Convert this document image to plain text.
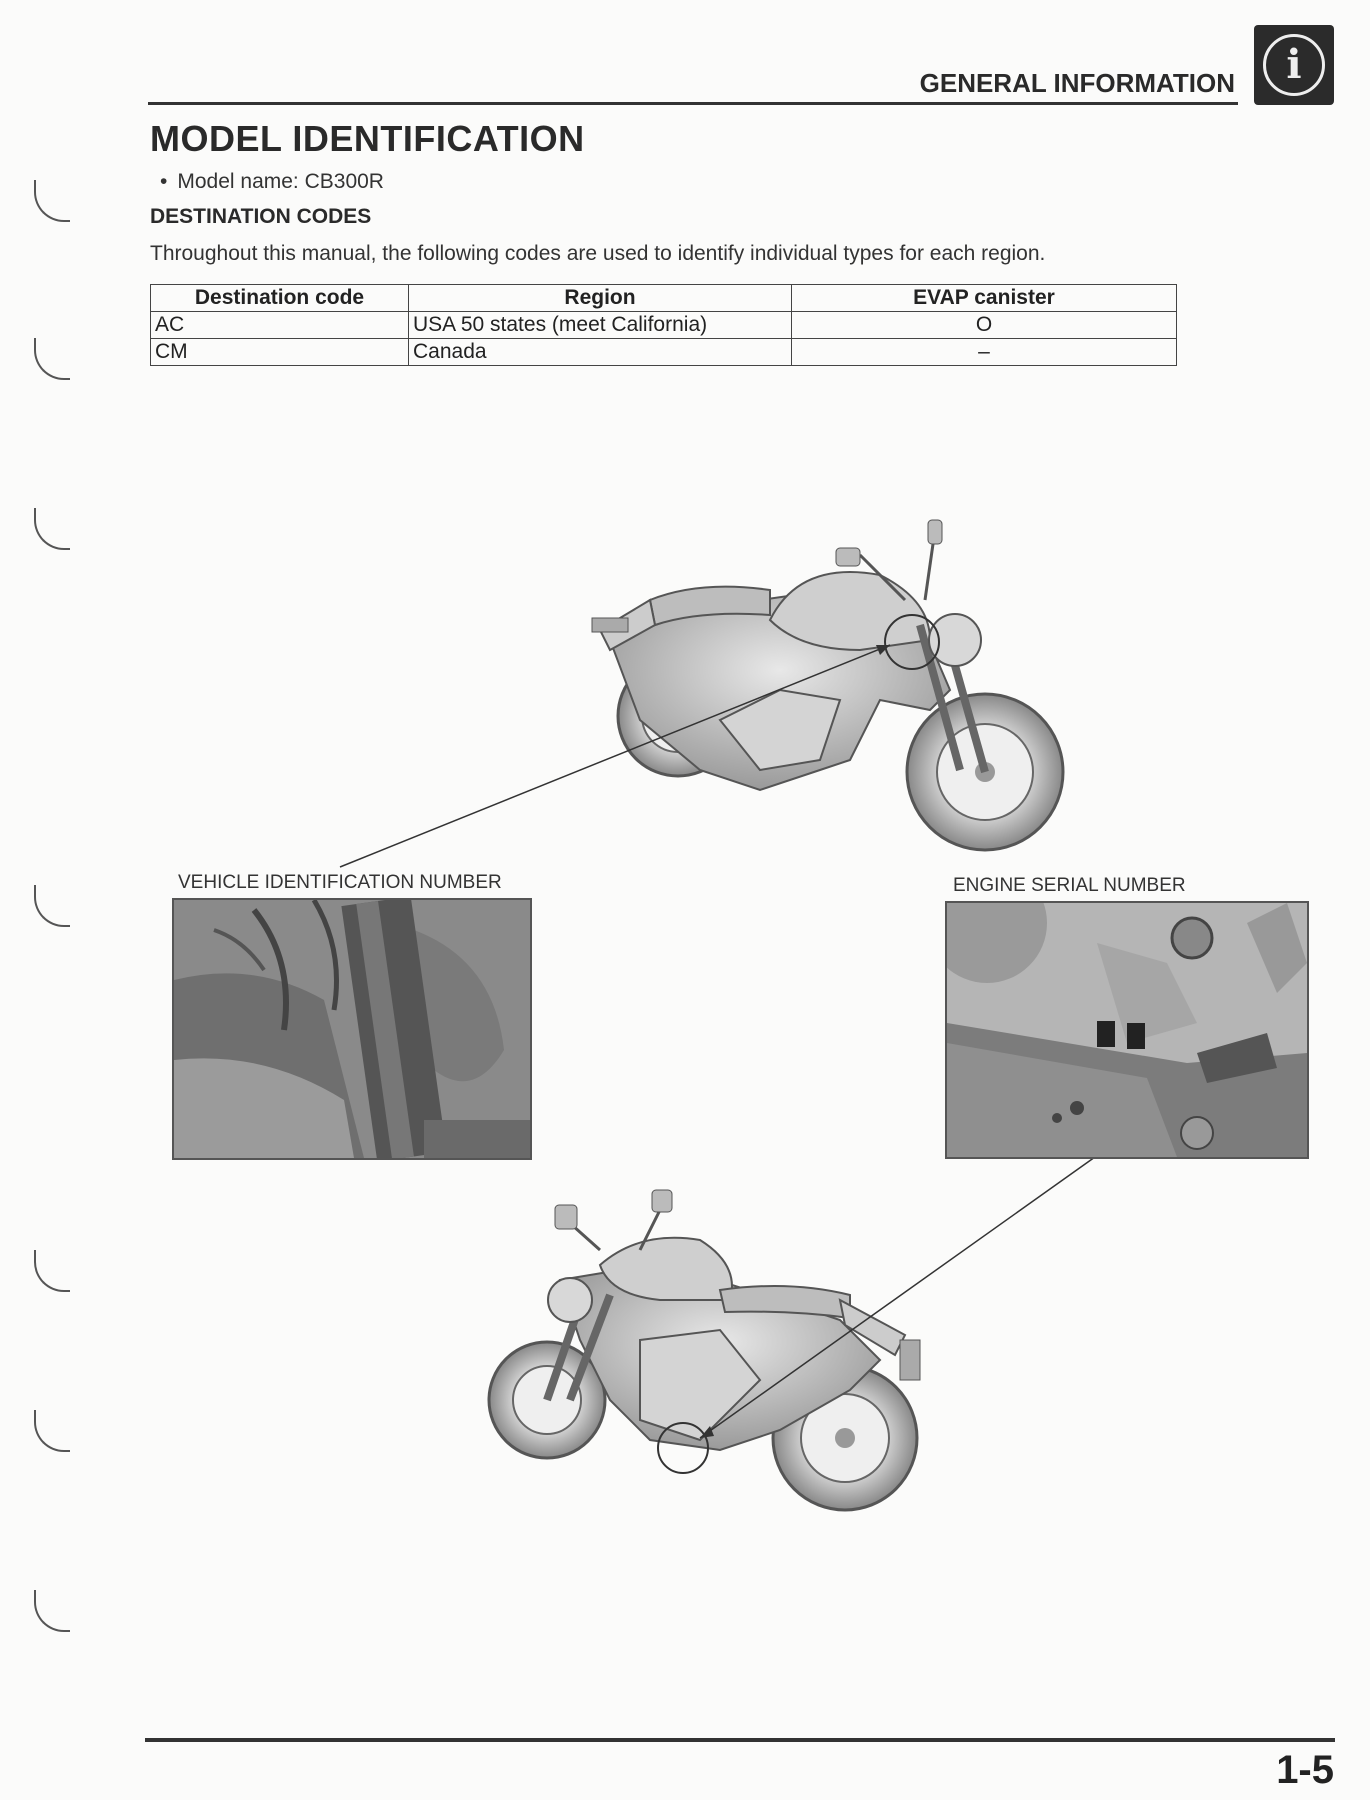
GENERAL INFORMATION	i
MODEL IDENTIFICATION
• Model name: CB300R
DESTINATION CODES
Throughout this manual, the following codes are used to identify individual types for each region.
Destination code	Region	EVAP canister
AC	USA 50 states (meet California)	O
CM	Canada	–
VEHICLE IDENTIFICATION NUMBER	ENGINE SERIAL NUMBER
1-5
